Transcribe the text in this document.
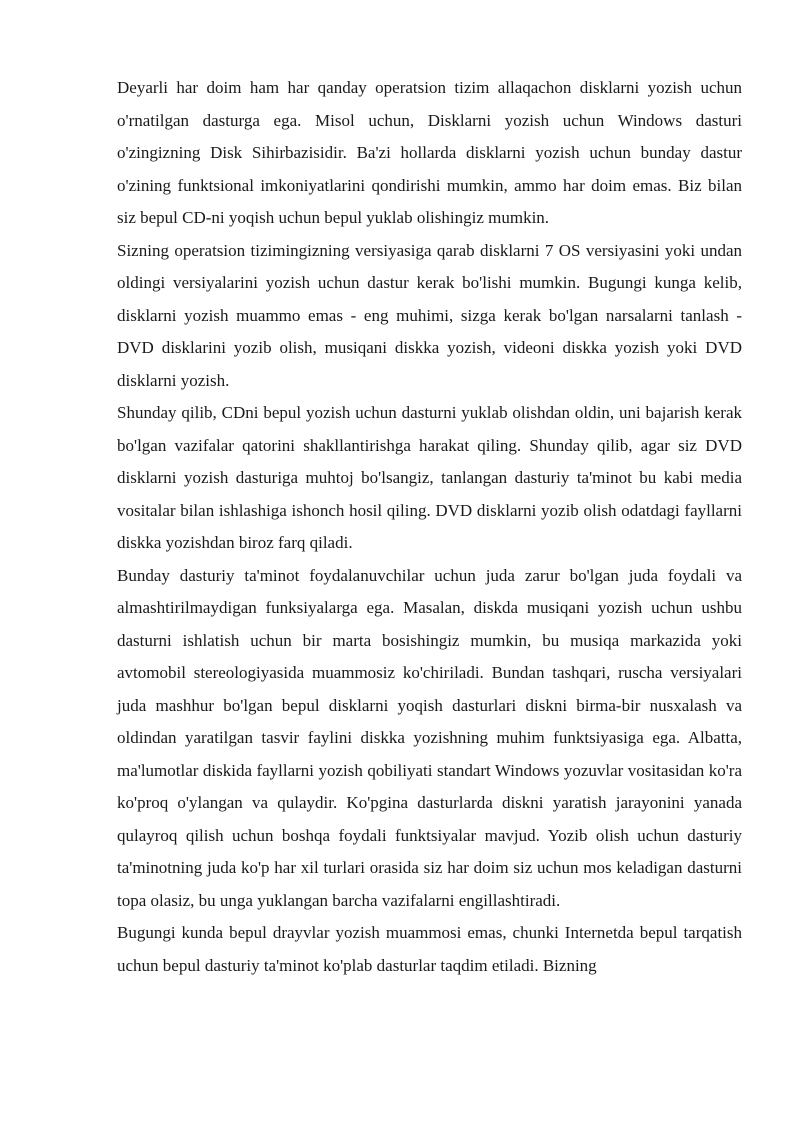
Deyarli har doim ham har qanday operatsion tizim allaqachon disklarni yozish uchun o'rnatilgan dasturga ega. Misol uchun, Disklarni yozish uchun Windows dasturi o'zingizning Disk Sihirbazisidir. Ba'zi hollarda disklarni yozish uchun bunday dastur o'zining funktsional imkoniyatlarini qondirishi mumkin, ammo har doim emas. Biz bilan siz bepul CD-ni yoqish uchun bepul yuklab olishingiz mumkin.

Sizning operatsion tizimingizning versiyasiga qarab disklarni 7 OS versiyasini yoki undan oldingi versiyalarini yozish uchun dastur kerak bo'lishi mumkin. Bugungi kunga kelib, disklarni yozish muammo emas - eng muhimi, sizga kerak bo'lgan narsalarni tanlash - DVD disklarini yozib olish, musiqani diskka yozish, videoni diskka yozish yoki DVD disklarni yozish.

Shunday qilib, CDni bepul yozish uchun dasturni yuklab olishdan oldin, uni bajarish kerak bo'lgan vazifalar qatorini shakllantirishga harakat qiling. Shunday qilib, agar siz DVD disklarni yozish dasturiga muhtoj bo'lsangiz, tanlangan dasturiy ta'minot bu kabi media vositalar bilan ishlashiga ishonch hosil qiling. DVD disklarni yozib olish odatdagi fayllarni diskka yozishdan biroz farq qiladi.

Bunday dasturiy ta'minot foydalanuvchilar uchun juda zarur bo'lgan juda foydali va almashtirilmaydigan funksiyalarga ega. Masalan, diskda musiqani yozish uchun ushbu dasturni ishlatish uchun bir marta bosishingiz mumkin, bu musiqa markazida yoki avtomobil stereologiyasida muammosiz ko'chiriladi. Bundan tashqari, ruscha versiyalari juda mashhur bo'lgan bepul disklarni yoqish dasturlari diskni birma-bir nusxalash va oldindan yaratilgan tasvir faylini diskka yozishning muhim funktsiyasiga ega. Albatta, ma'lumotlar diskida fayllarni yozish qobiliyati standart Windows yozuvlar vositasidan ko'ra ko'proq o'ylangan va qulaydir. Ko'pgina dasturlarda diskni yaratish jarayonini yanada qulayroq qilish uchun boshqa foydali funktsiyalar mavjud. Yozib olish uchun dasturiy ta'minotning juda ko'p har xil turlari orasida siz har doim siz uchun mos keladigan dasturni topa olasiz, bu unga yuklangan barcha vazifalarni engillashtiradi.

Bugungi kunda bepul drayvlar yozish muammosi emas, chunki Internetda bepul tarqatish uchun bepul dasturiy ta'minot ko'plab dasturlar taqdim etiladi. Bizning
